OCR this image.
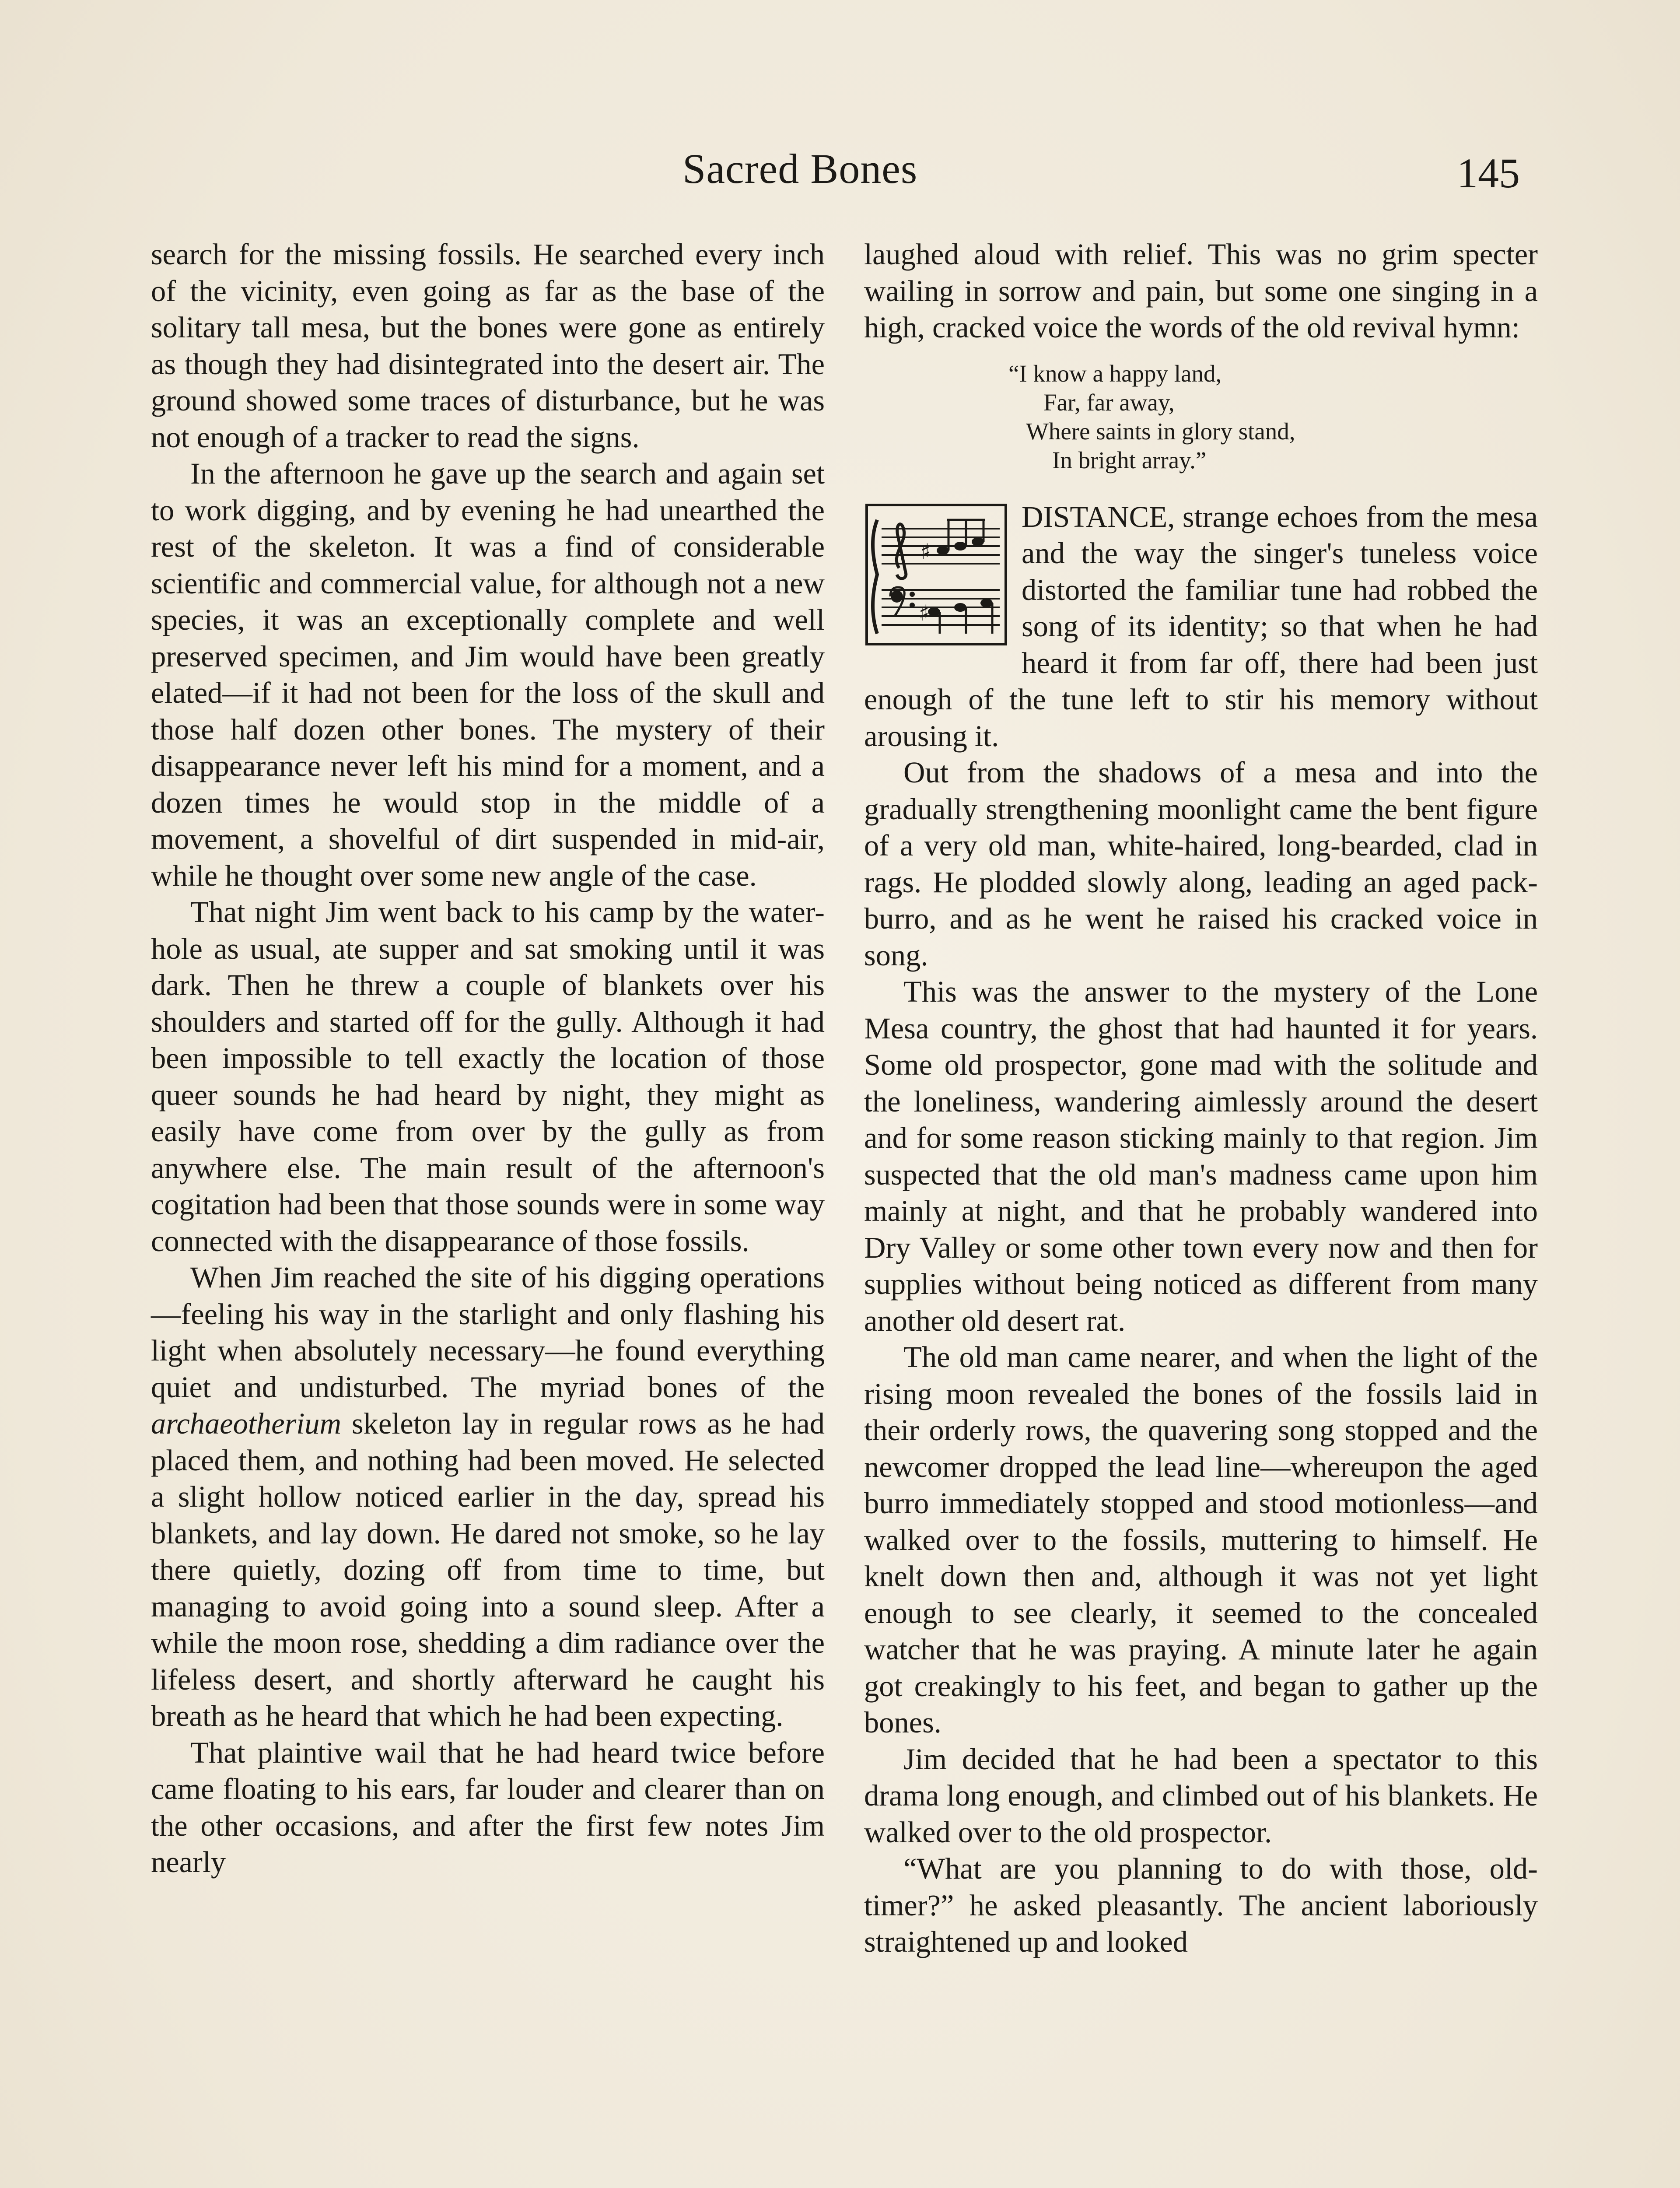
Sacred Bones	145

search for the missing fossils. He searched every inch of the vicinity, even going as far as the base of the solitary tall mesa, but the bones were gone as entirely as though they had disintegrated into the desert air. The ground showed some traces of disturbance, but he was not enough of a tracker to read the signs.

In the afternoon he gave up the search and again set to work digging, and by evening he had unearthed the rest of the skeleton. It was a find of considerable scientific and commercial value, for although not a new species, it was an exceptionally complete and well preserved specimen, and Jim would have been greatly elated—if it had not been for the loss of the skull and those half dozen other bones. The mystery of their disappearance never left his mind for a moment, and a dozen times he would stop in the middle of a movement, a shovelful of dirt suspended in mid-air, while he thought over some new angle of the case.

That night Jim went back to his camp by the water-hole as usual, ate supper and sat smoking until it was dark. Then he threw a couple of blankets over his shoulders and started off for the gully. Although it had been impossible to tell exactly the location of those queer sounds he had heard by night, they might as easily have come from over by the gully as from anywhere else. The main result of the afternoon's cogitation had been that those sounds were in some way connected with the disappearance of those fossils.

When Jim reached the site of his digging operations—feeling his way in the starlight and only flashing his light when absolutely necessary—he found everything quiet and undisturbed. The myriad bones of the archaeotherium skeleton lay in regular rows as he had placed them, and nothing had been moved. He selected a slight hollow noticed earlier in the day, spread his blankets, and lay down. He dared not smoke, so he lay there quietly, dozing off from time to time, but managing to avoid going into a sound sleep. After a while the moon rose, shedding a dim radiance over the lifeless desert, and shortly afterward he caught his breath as he heard that which he had been expecting.

That plaintive wail that he had heard twice before came floating to his ears, far louder and clearer than on the other occasions, and after the first few notes Jim nearly

laughed aloud with relief. This was no grim specter wailing in sorrow and pain, but some one singing in a high, cracked voice the words of the old revival hymn:

“I know a happy land,
Far, far away,
Where saints in glory stand,
In bright array.”
♯
♯

DISTANCE, strange echoes from the mesa and the way the singer's tuneless voice distorted the familiar tune had robbed the song of its identity; so that when he had heard it from far off, there had been just enough of the tune left to stir his memory without arousing it.

Out from the shadows of a mesa and into the gradually strengthening moonlight came the bent figure of a very old man, white-haired, long-bearded, clad in rags. He plodded slowly along, leading an aged pack-burro, and as he went he raised his cracked voice in song.

This was the answer to the mystery of the Lone Mesa country, the ghost that had haunted it for years. Some old prospector, gone mad with the solitude and the loneliness, wandering aimlessly around the desert and for some reason sticking mainly to that region. Jim suspected that the old man's madness came upon him mainly at night, and that he probably wandered into Dry Valley or some other town every now and then for supplies without being noticed as different from many another old desert rat.

The old man came nearer, and when the light of the rising moon revealed the bones of the fossils laid in their orderly rows, the quavering song stopped and the newcomer dropped the lead line—whereupon the aged burro immediately stopped and stood motionless—and walked over to the fossils, muttering to himself. He knelt down then and, although it was not yet light enough to see clearly, it seemed to the concealed watcher that he was praying. A minute later he again got creakingly to his feet, and began to gather up the bones.

Jim decided that he had been a spectator to this drama long enough, and climbed out of his blankets. He walked over to the old prospector.

“What are you planning to do with those, old-timer?” he asked pleasantly. The ancient laboriously straightened up and looked
